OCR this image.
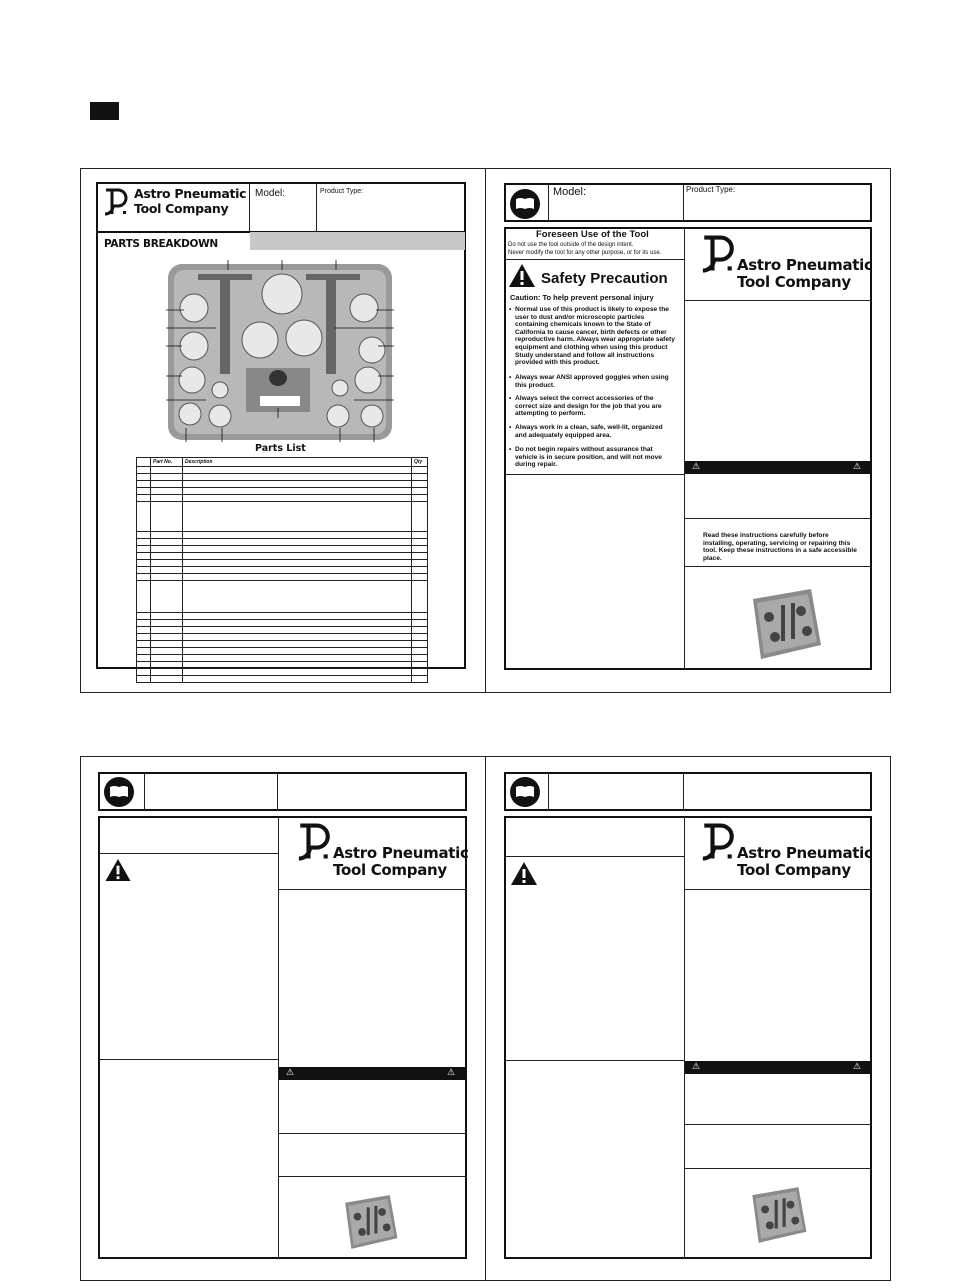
Astro Pneumatic
Tool Company
Model:	Product Type:
PARTS BREAKDOWN
Parts List
	Part No.	Description	Qty

Model:	Product Type:
Foreseen Use of the Tool
Do not use the tool outside of the design intent.
Never modify the tool for any other purpose, or for its use.
Safety Precaution
Caution: To help prevent personal injury
• Normal use of this product is likely to expose the user to dust and/or microscopic particles containing chemicals known to the State of California to cause cancer, birth defects or other reproductive harm. Always wear appropriate safety equipment and clothing when using this product Study understand and follow all instructions provided with this product.
• Always wear ANSI approved goggles when using this product.
• Always select the correct accessories of the correct size and design for the job that you are attempting to perform.
• Always work in a clean, safe, well-lit, organized and adequately equipped area.
• Do not begin repairs without assurance that vehicle is in secure position, and will not move during repair.
Astro Pneumatic
Tool Company
⚠	⚠
Read these instructions carefully before installing, operating, servicing or repairing this tool. Keep these instructions in a safe accessible place.
Astro Pneumatic
Tool Company
⚠	⚠
Astro Pneumatic
Tool Company
⚠	⚠
